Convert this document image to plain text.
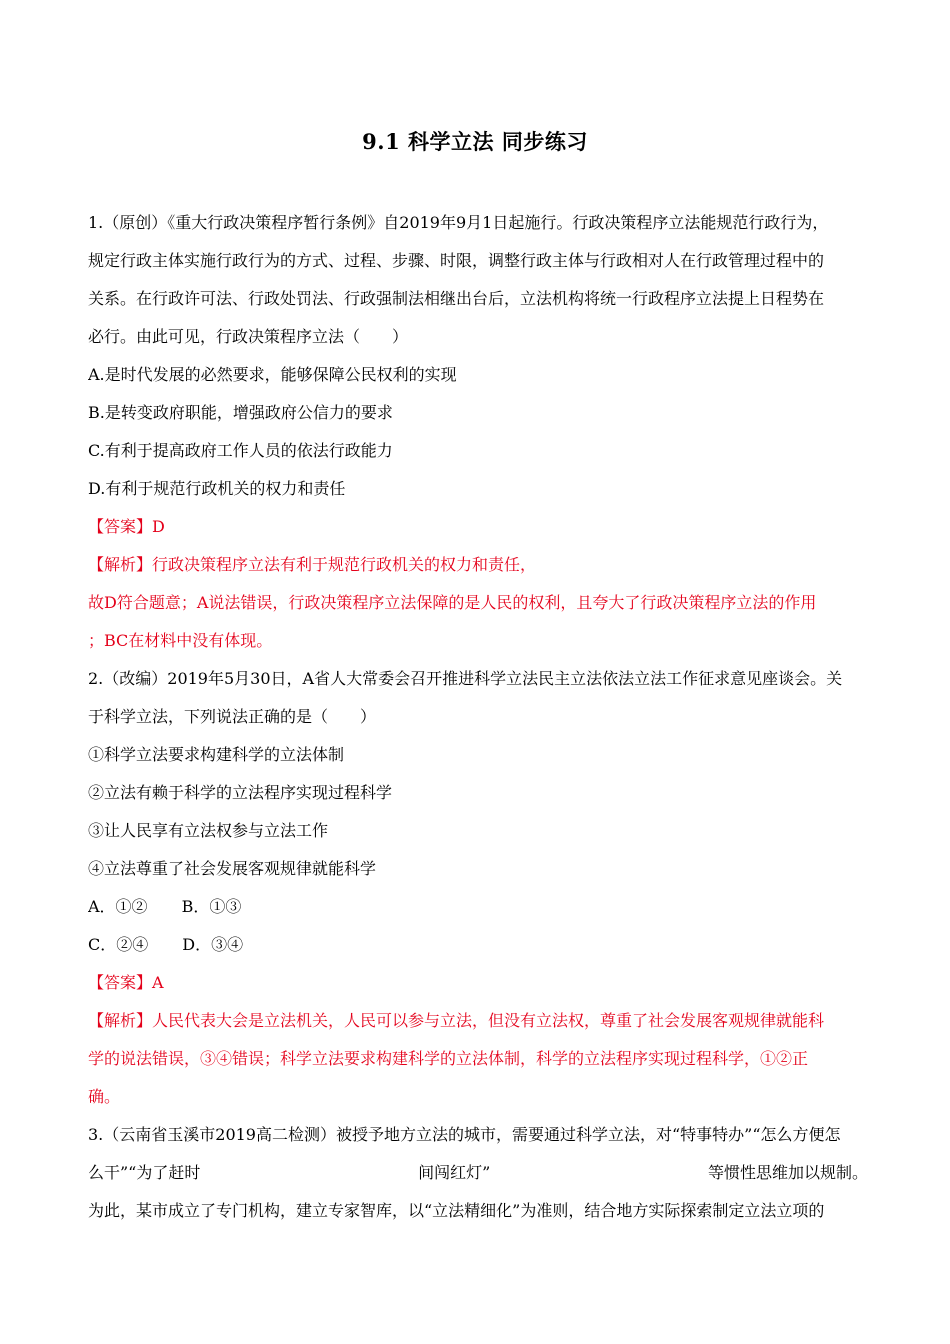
9.1 科学立法 同步练习
1.（原创）《重大行政决策程序暂行条例》自2019年9月1日起施行。行政决策程序立法能规范行政行为，
规定行政主体实施行政行为的方式、过程、步骤、时限，调整行政主体与行政相对人在行政管理过程中的
关系。在行政许可法、行政处罚法、行政强制法相继出台后，立法机构将统一行政程序立法提上日程势在
必行。由此可见，行政决策程序立法（　　）
A.是时代发展的必然要求，能够保障公民权利的实现
B.是转变政府职能，增强政府公信力的要求
C.有利于提高政府工作人员的依法行政能力
D.有利于规范行政机关的权力和责任
【答案】D
【解析】行政决策程序立法有利于规范行政机关的权力和责任，
故D符合题意；A说法错误，行政决策程序立法保障的是人民的权利，且夸大了行政决策程序立法的作用
；BC在材料中没有体现。
2.（改编）2019年5月30日，A省人大常委会召开推进科学立法民主立法依法立法工作征求意见座谈会。关
于科学立法，下列说法正确的是（　　）
①科学立法要求构建科学的立法体制
②立法有赖于科学的立法程序实现过程科学
③让人民享有立法权参与立法工作
④立法尊重了社会发展客观规律就能科学
A．①② B．①③
C．②④ D．③④
【答案】A
【解析】人民代表大会是立法机关，人民可以参与立法，但没有立法权，尊重了社会发展客观规律就能科
学的说法错误，③④错误；科学立法要求构建科学的立法体制，科学的立法程序实现过程科学，①②正
确。
3.（云南省玉溪市2019高二检测）被授予地方立法的城市，需要通过科学立法，对“特事特办”“怎么方便怎
么干”“为了赶时	间闯红灯”	等惯性思维加以规制。
为此，某市成立了专门机构，建立专家智库，以“立法精细化”为准则，结合地方实际探索制定立法立项的
